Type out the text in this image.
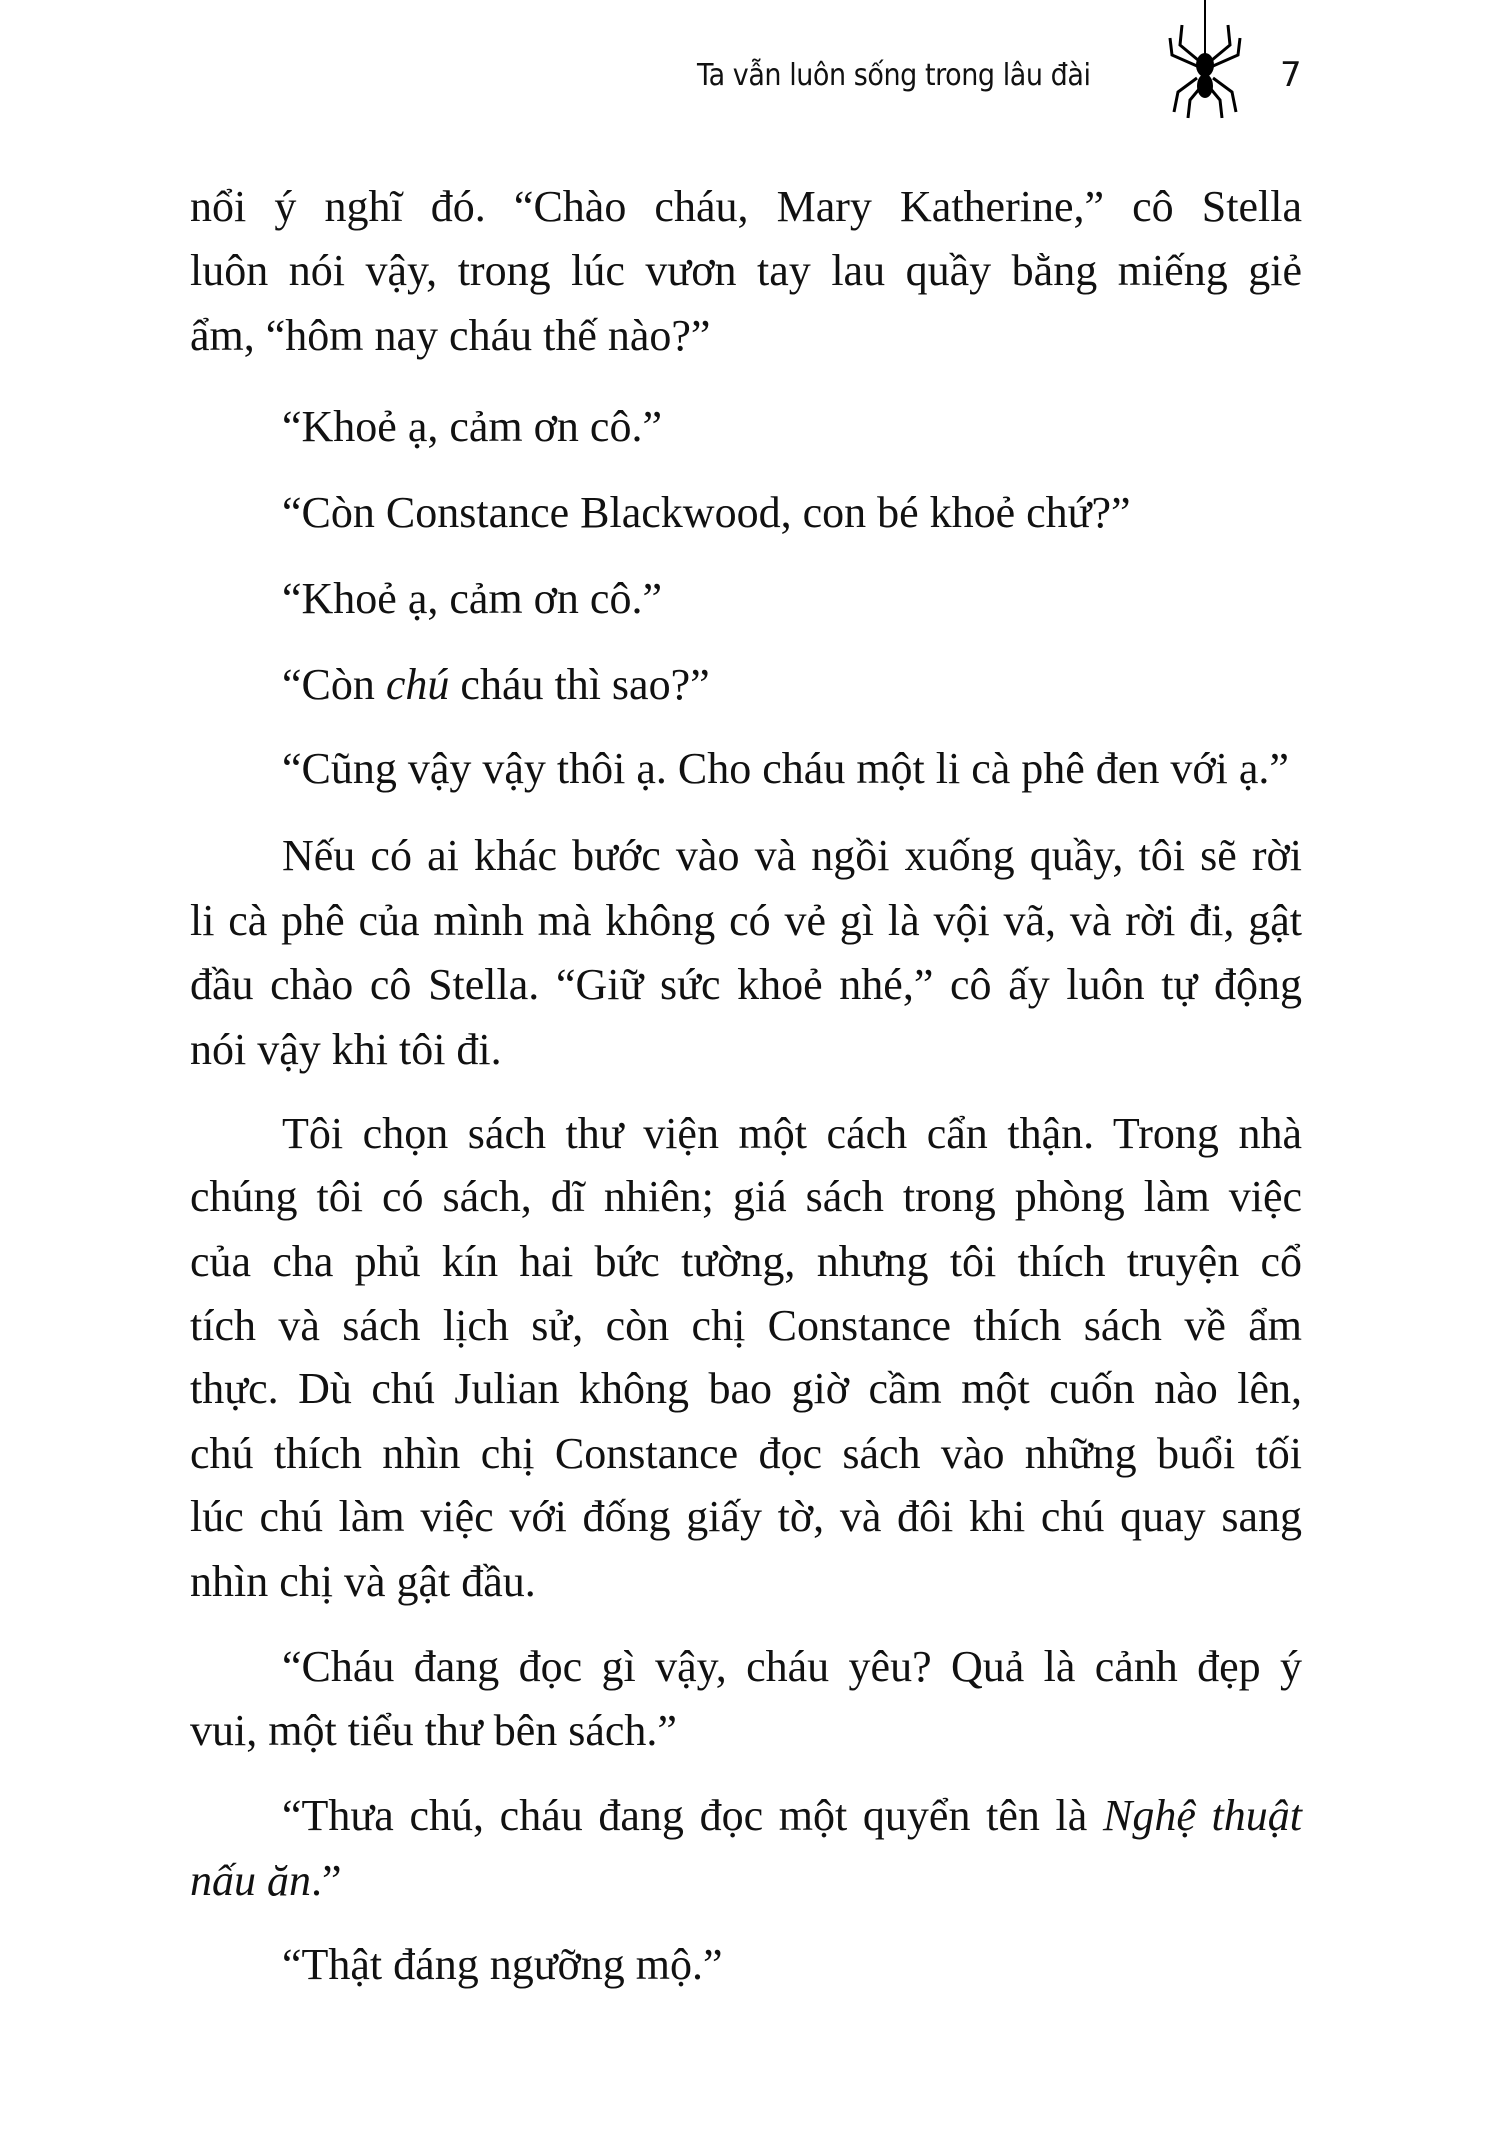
Ta vẫn luôn sống trong lâu đài	7
nổi ý nghĩ đó. “Chào cháu, Mary Katherine,” cô Stella
luôn nói vậy, trong lúc vươn tay lau quầy bằng miếng giẻ
ẩm, “hôm nay cháu thế nào?”
“Khoẻ ạ, cảm ơn cô.”
“Còn Constance Blackwood, con bé khoẻ chứ?”
“Khoẻ ạ, cảm ơn cô.”
“Còn chú cháu thì sao?”
“Cũng vậy vậy thôi ạ. Cho cháu một li cà phê đen với ạ.”
Nếu có ai khác bước vào và ngồi xuống quầy, tôi sẽ rời
li cà phê của mình mà không có vẻ gì là vội vã, và rời đi, gật
đầu chào cô Stella. “Giữ sức khoẻ nhé,” cô ấy luôn tự động
nói vậy khi tôi đi.
Tôi chọn sách thư viện một cách cẩn thận. Trong nhà
chúng tôi có sách, dĩ nhiên; giá sách trong phòng làm việc
của cha phủ kín hai bức tường, nhưng tôi thích truyện cổ
tích và sách lịch sử, còn chị Constance thích sách về ẩm
thực. Dù chú Julian không bao giờ cầm một cuốn nào lên,
chú thích nhìn chị Constance đọc sách vào những buổi tối
lúc chú làm việc với đống giấy tờ, và đôi khi chú quay sang
nhìn chị và gật đầu.
“Cháu đang đọc gì vậy, cháu yêu? Quả là cảnh đẹp ý
vui, một tiểu thư bên sách.”
“Thưa chú, cháu đang đọc một quyển tên là Nghệ thuật
nấu ăn.”
“Thật đáng ngưỡng mộ.”
